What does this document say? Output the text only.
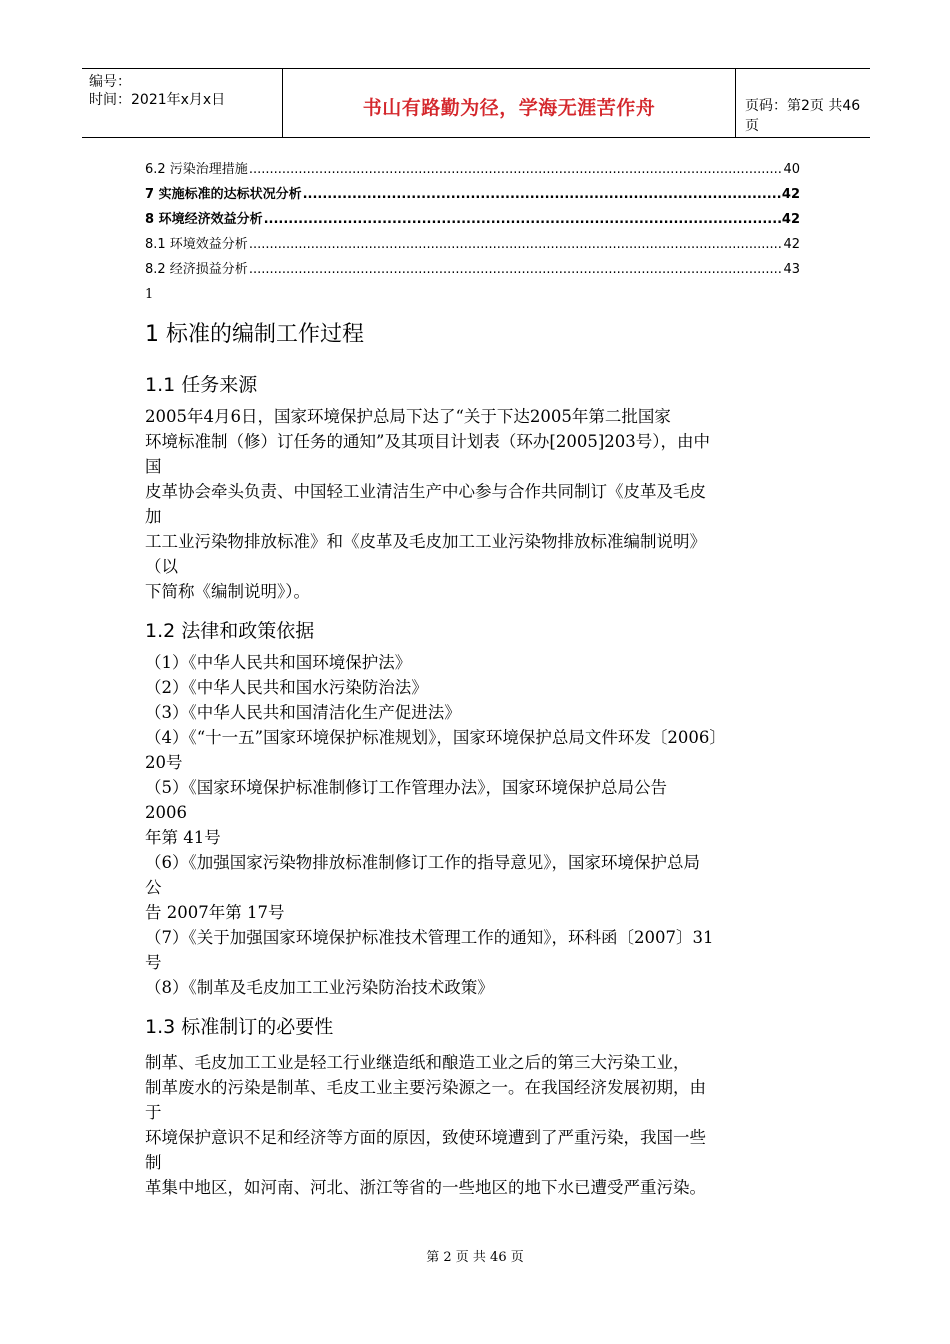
编号：
时间：2021年x月x日	书山有路勤为径，学海无涯苦作舟	页码：第2页 共46页
6.2 污染治理措施 .....	40
7 实施标准的达标状况分析 .....	42
8 环境经济效益分析 .....	42
8.1 环境效益分析 .....	42
8.2 经济损益分析 .....	43
1
1 标准的编制工作过程
1.1 任务来源
2005年4月6日，国家环境保护总局下达了“关于下达2005年第二批国家
环境标准制（修）订任务的通知”及其项目计划表（环办[2005]203号），由中
国
皮革协会牵头负责、中国轻工业清洁生产中心参与合作共同制订《皮革及毛皮
加
工工业污染物排放标准》和《皮革及毛皮加工工业污染物排放标准编制说明》
（以
下简称《编制说明》）。
1.2 法律和政策依据
（1）《中华人民共和国环境保护法》
（2）《中华人民共和国水污染防治法》
（3）《中华人民共和国清洁化生产促进法》
（4）《“十一五”国家环境保护标准规划》，国家环境保护总局文件环发〔2006〕
20号
（5）《国家环境保护标准制修订工作管理办法》，国家环境保护总局公告
2006
年第 41号
（6）《加强国家污染物排放标准制修订工作的指导意见》，国家环境保护总局
公
告 2007年第 17号
（7）《关于加强国家环境保护标准技术管理工作的通知》，环科函〔2007〕31
号
（8）《制革及毛皮加工工业污染防治技术政策》
1.3 标准制订的必要性
制革、毛皮加工工业是轻工行业继造纸和酿造工业之后的第三大污染工业，
制革废水的污染是制革、毛皮工业主要污染源之一。在我国经济发展初期，由
于
环境保护意识不足和经济等方面的原因，致使环境遭到了严重污染，我国一些
制
革集中地区，如河南、河北、浙江等省的一些地区的地下水已遭受严重污染。
第 2 页 共 46 页
